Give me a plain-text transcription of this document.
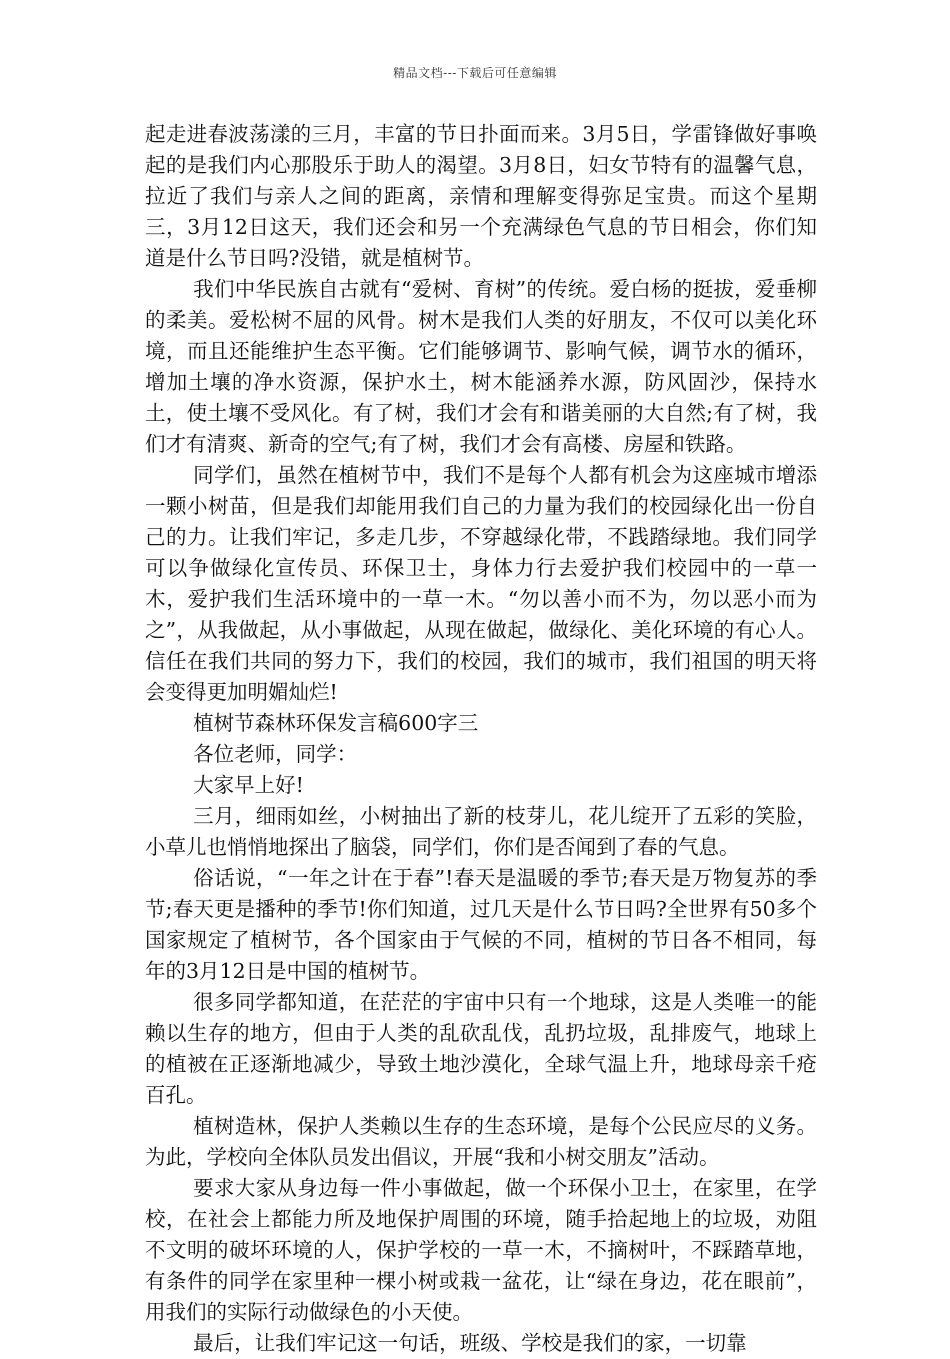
精品文档---下载后可任意编辑

起走进春波荡漾的三月，丰富的节日扑面而来。3月5日，学雷锋做好事唤起的是我们内心那股乐于助人的渴望。3月8日，妇女节特有的温馨气息，拉近了我们与亲人之间的距离，亲情和理解变得弥足宝贵。而这个星期三，3月12日这天，我们还会和另一个充满绿色气息的节日相会，你们知道是什么节日吗?没错，就是植树节。

我们中华民族自古就有“爱树、育树”的传统。爱白杨的挺拔，爱垂柳的柔美。爱松树不屈的风骨。树木是我们人类的好朋友，不仅可以美化环境，而且还能维护生态平衡。它们能够调节、影响气候，调节水的循环，增加土壤的净水资源，保护水土，树木能涵养水源，防风固沙，保持水土，使土壤不受风化。有了树，我们才会有和谐美丽的大自然;有了树，我们才有清爽、新奇的空气;有了树，我们才会有高楼、房屋和铁路。

同学们，虽然在植树节中，我们不是每个人都有机会为这座城市增添一颗小树苗，但是我们却能用我们自己的力量为我们的校园绿化出一份自己的力。让我们牢记，多走几步，不穿越绿化带，不践踏绿地。我们同学可以争做绿化宣传员、环保卫士，身体力行去爱护我们校园中的一草一木，爱护我们生活环境中的一草一木。“勿以善小而不为，勿以恶小而为之”，从我做起，从小事做起，从现在做起，做绿化、美化环境的有心人。信任在我们共同的努力下，我们的校园，我们的城市，我们祖国的明天将会变得更加明媚灿烂!

植树节森林环保发言稿600字三

各位老师，同学：

大家早上好!

三月，细雨如丝，小树抽出了新的枝芽儿，花儿绽开了五彩的笑脸，小草儿也悄悄地探出了脑袋，同学们，你们是否闻到了春的气息。

俗话说，“一年之计在于春”!春天是温暖的季节;春天是万物复苏的季节;春天更是播种的季节!你们知道，过几天是什么节日吗?全世界有50多个国家规定了植树节，各个国家由于气候的不同，植树的节日各不相同，每年的3月12日是中国的植树节。

很多同学都知道，在茫茫的宇宙中只有一个地球，这是人类唯一的能赖以生存的地方，但由于人类的乱砍乱伐，乱扔垃圾，乱排废气，地球上的植被在正逐渐地减少，导致土地沙漠化，全球气温上升，地球母亲千疮百孔。

植树造林，保护人类赖以生存的生态环境，是每个公民应尽的义务。为此，学校向全体队员发出倡议，开展“我和小树交朋友”活动。

要求大家从身边每一件小事做起，做一个环保小卫士，在家里，在学校，在社会上都能力所及地保护周围的环境，随手拾起地上的垃圾，劝阻不文明的破坏环境的人，保护学校的一草一木，不摘树叶，不踩踏草地，有条件的同学在家里种一棵小树或栽一盆花，让“绿在身边，花在眼前”，用我们的实际行动做绿色的小天使。

最后，让我们牢记这一句话，班级、学校是我们的家，一切靠
